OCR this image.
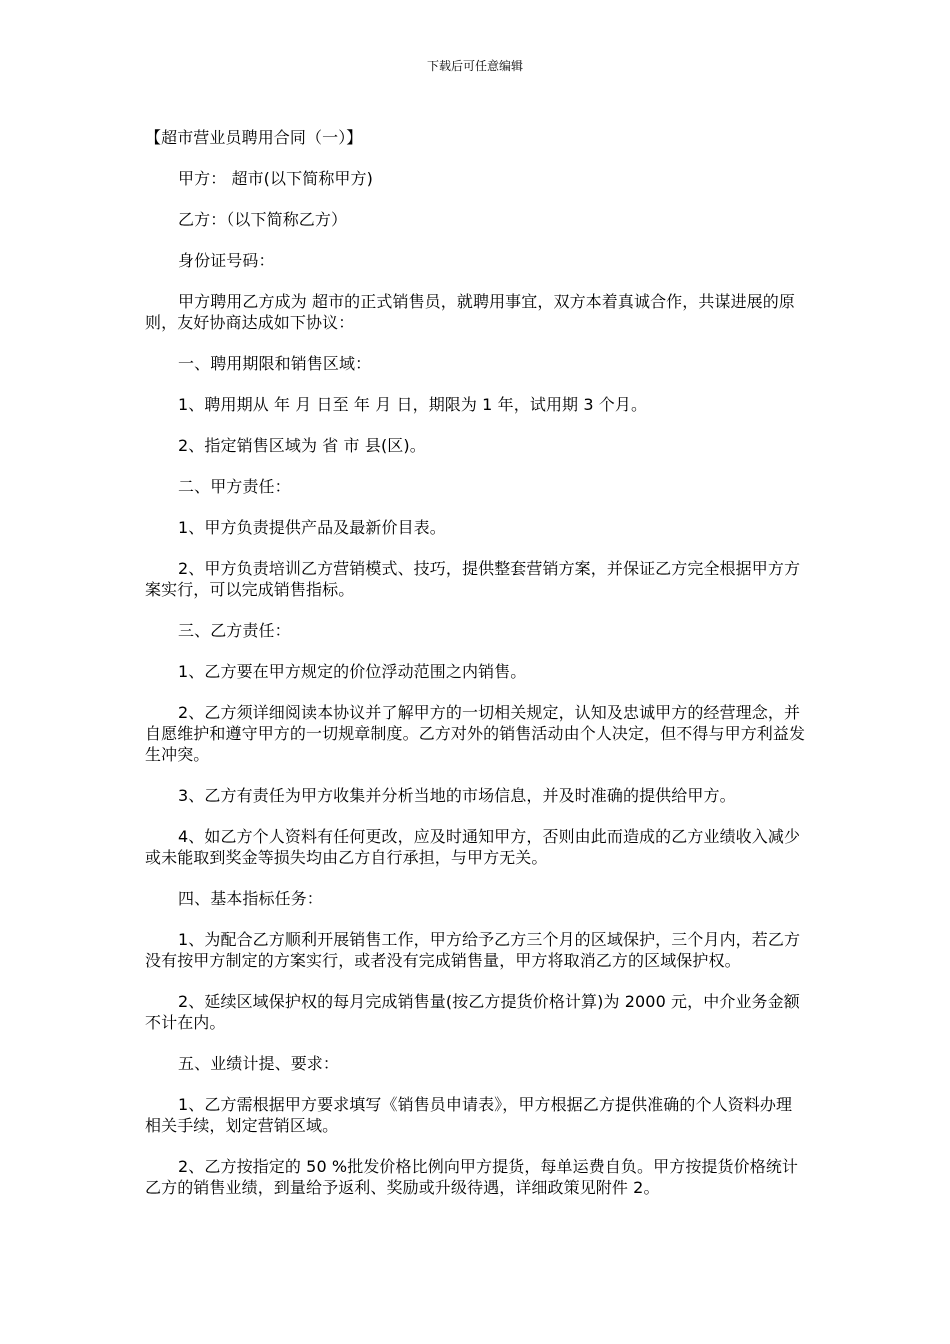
下载后可任意编辑

【超市营业员聘用合同（一）】

甲方： 超市(以下简称甲方)

乙方：（以下简称乙方）

身份证号码：

甲方聘用乙方成为 超市的正式销售员，就聘用事宜，双方本着真诚合作，共谋进展的原则，友好协商达成如下协议：

一、聘用期限和销售区域：

1、聘用期从 年 月 日至 年 月 日，期限为 1 年，试用期 3 个月。

2、指定销售区域为 省 市 县(区)。

二、甲方责任：

1、甲方负责提供产品及最新价目表。

2、甲方负责培训乙方营销模式、技巧，提供整套营销方案，并保证乙方完全根据甲方方案实行，可以完成销售指标。

三、乙方责任：

1、乙方要在甲方规定的价位浮动范围之内销售。

2、乙方须详细阅读本协议并了解甲方的一切相关规定，认知及忠诚甲方的经营理念，并自愿维护和遵守甲方的一切规章制度。乙方对外的销售活动由个人决定，但不得与甲方利益发生冲突。

3、乙方有责任为甲方收集并分析当地的市场信息，并及时准确的提供给甲方。

4、如乙方个人资料有任何更改，应及时通知甲方，否则由此而造成的乙方业绩收入减少或未能取到奖金等损失均由乙方自行承担，与甲方无关。

四、基本指标任务：

1、为配合乙方顺利开展销售工作，甲方给予乙方三个月的区域保护，三个月内，若乙方没有按甲方制定的方案实行，或者没有完成销售量，甲方将取消乙方的区域保护权。

2、延续区域保护权的每月完成销售量(按乙方提货价格计算)为 2000 元，中介业务金额不计在内。

五、业绩计提、要求：

1、乙方需根据甲方要求填写《销售员申请表》，甲方根据乙方提供准确的个人资料办理相关手续，划定营销区域。

2、乙方按指定的 50 %批发价格比例向甲方提货，每单运费自负。甲方按提货价格统计乙方的销售业绩，到量给予返利、奖励或升级待遇，详细政策见附件 2。
